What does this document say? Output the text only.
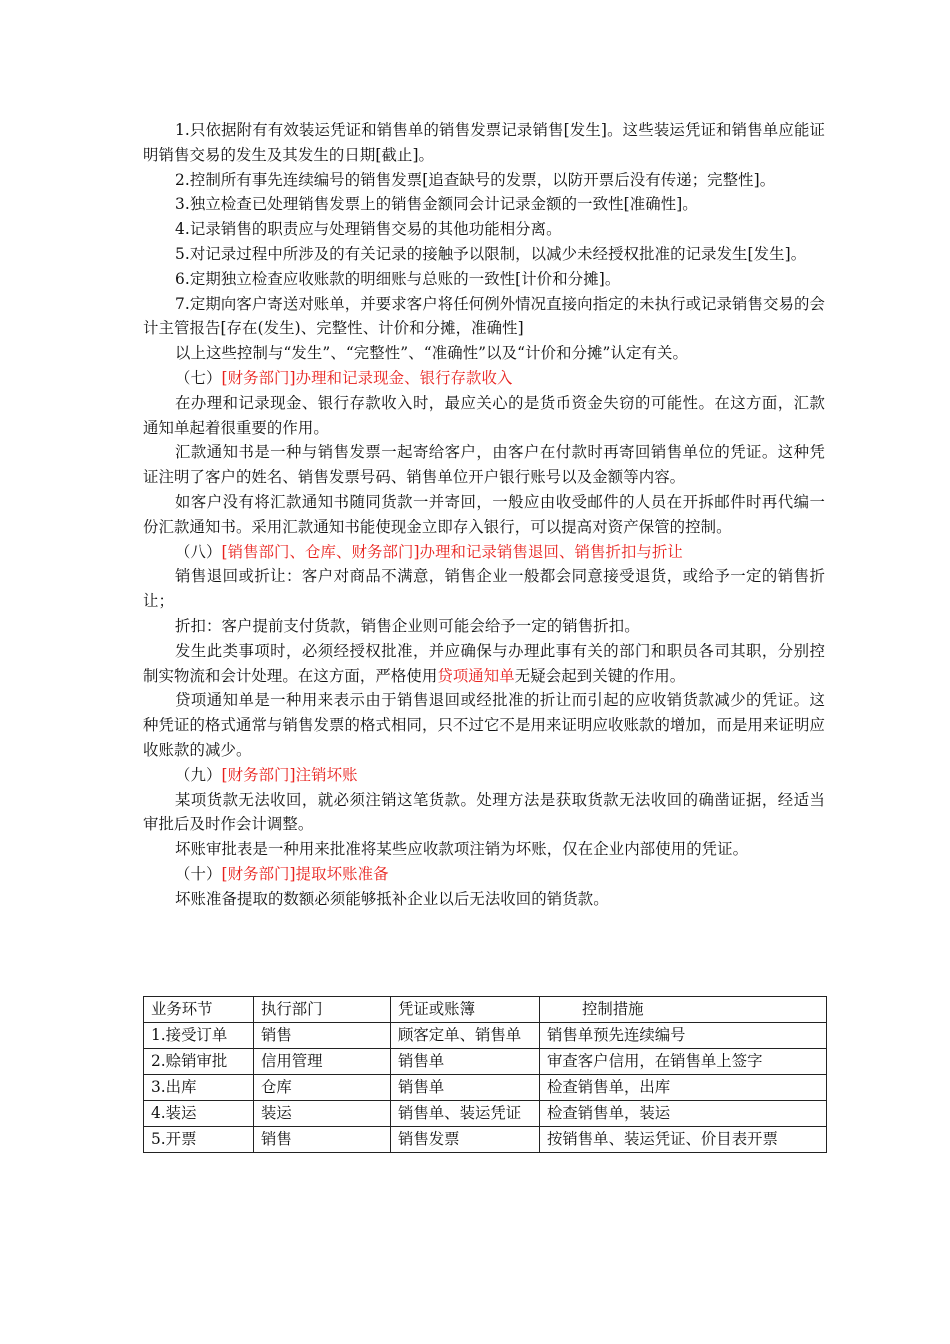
1.只依据附有有效装运凭证和销售单的销售发票记录销售[发生]。这些装运凭证和销售单应能证明销售交易的发生及其发生的日期[截止]。

2.控制所有事先连续编号的销售发票[追查缺号的发票，以防开票后没有传递；完整性]。

3.独立检查已处理销售发票上的销售金额同会计记录金额的一致性[准确性]。

4.记录销售的职责应与处理销售交易的其他功能相分离。

5.对记录过程中所涉及的有关记录的接触予以限制，以减少未经授权批准的记录发生[发生]。

6.定期独立检查应收账款的明细账与总账的一致性[计价和分摊]。

7.定期向客户寄送对账单，并要求客户将任何例外情况直接向指定的未执行或记录销售交易的会计主管报告[存在(发生)、完整性、计价和分摊，准确性]

以上这些控制与“发生”、“完整性”、“准确性”以及“计价和分摊”认定有关。

（七）[财务部门]办理和记录现金、银行存款收入

在办理和记录现金、银行存款收入时，最应关心的是货币资金失窃的可能性。在这方面，汇款通知单起着很重要的作用。

汇款通知书是一种与销售发票一起寄给客户，由客户在付款时再寄回销售单位的凭证。这种凭证注明了客户的姓名、销售发票号码、销售单位开户银行账号以及金额等内容。

如客户没有将汇款通知书随同货款一并寄回，一般应由收受邮件的人员在开拆邮件时再代编一份汇款通知书。采用汇款通知书能使现金立即存入银行，可以提高对资产保管的控制。

（八）[销售部门、仓库、财务部门]办理和记录销售退回、销售折扣与折让

销售退回或折让：客户对商品不满意，销售企业一般都会同意接受退货，或给予一定的销售折让；

折扣：客户提前支付货款，销售企业则可能会给予一定的销售折扣。

发生此类事项时，必须经授权批准，并应确保与办理此事有关的部门和职员各司其职，分别控制实物流和会计处理。在这方面，严格使用贷项通知单无疑会起到关键的作用。

贷项通知单是一种用来表示由于销售退回或经批准的折让而引起的应收销货款减少的凭证。这种凭证的格式通常与销售发票的格式相同，只不过它不是用来证明应收账款的增加，而是用来证明应收账款的减少。

（九）[财务部门]注销坏账

某项货款无法收回，就必须注销这笔货款。处理方法是获取货款无法收回的确凿证据，经适当审批后及时作会计调整。

坏账审批表是一种用来批准将某些应收款项注销为坏账，仅在企业内部使用的凭证。

（十）[财务部门]提取坏账准备

坏账准备提取的数额必须能够抵补企业以后无法收回的销货款。

业务环节	执行部门	凭证或账簿	控制措施
1.接受订单	销售	顾客定单、销售单	销售单预先连续编号
2.赊销审批	信用管理	销售单	审查客户信用，在销售单上签字
3.出库	仓库	销售单	检查销售单，出库
4.装运	装运	销售单、装运凭证	检查销售单，装运
5.开票	销售	销售发票	按销售单、装运凭证、价目表开票
